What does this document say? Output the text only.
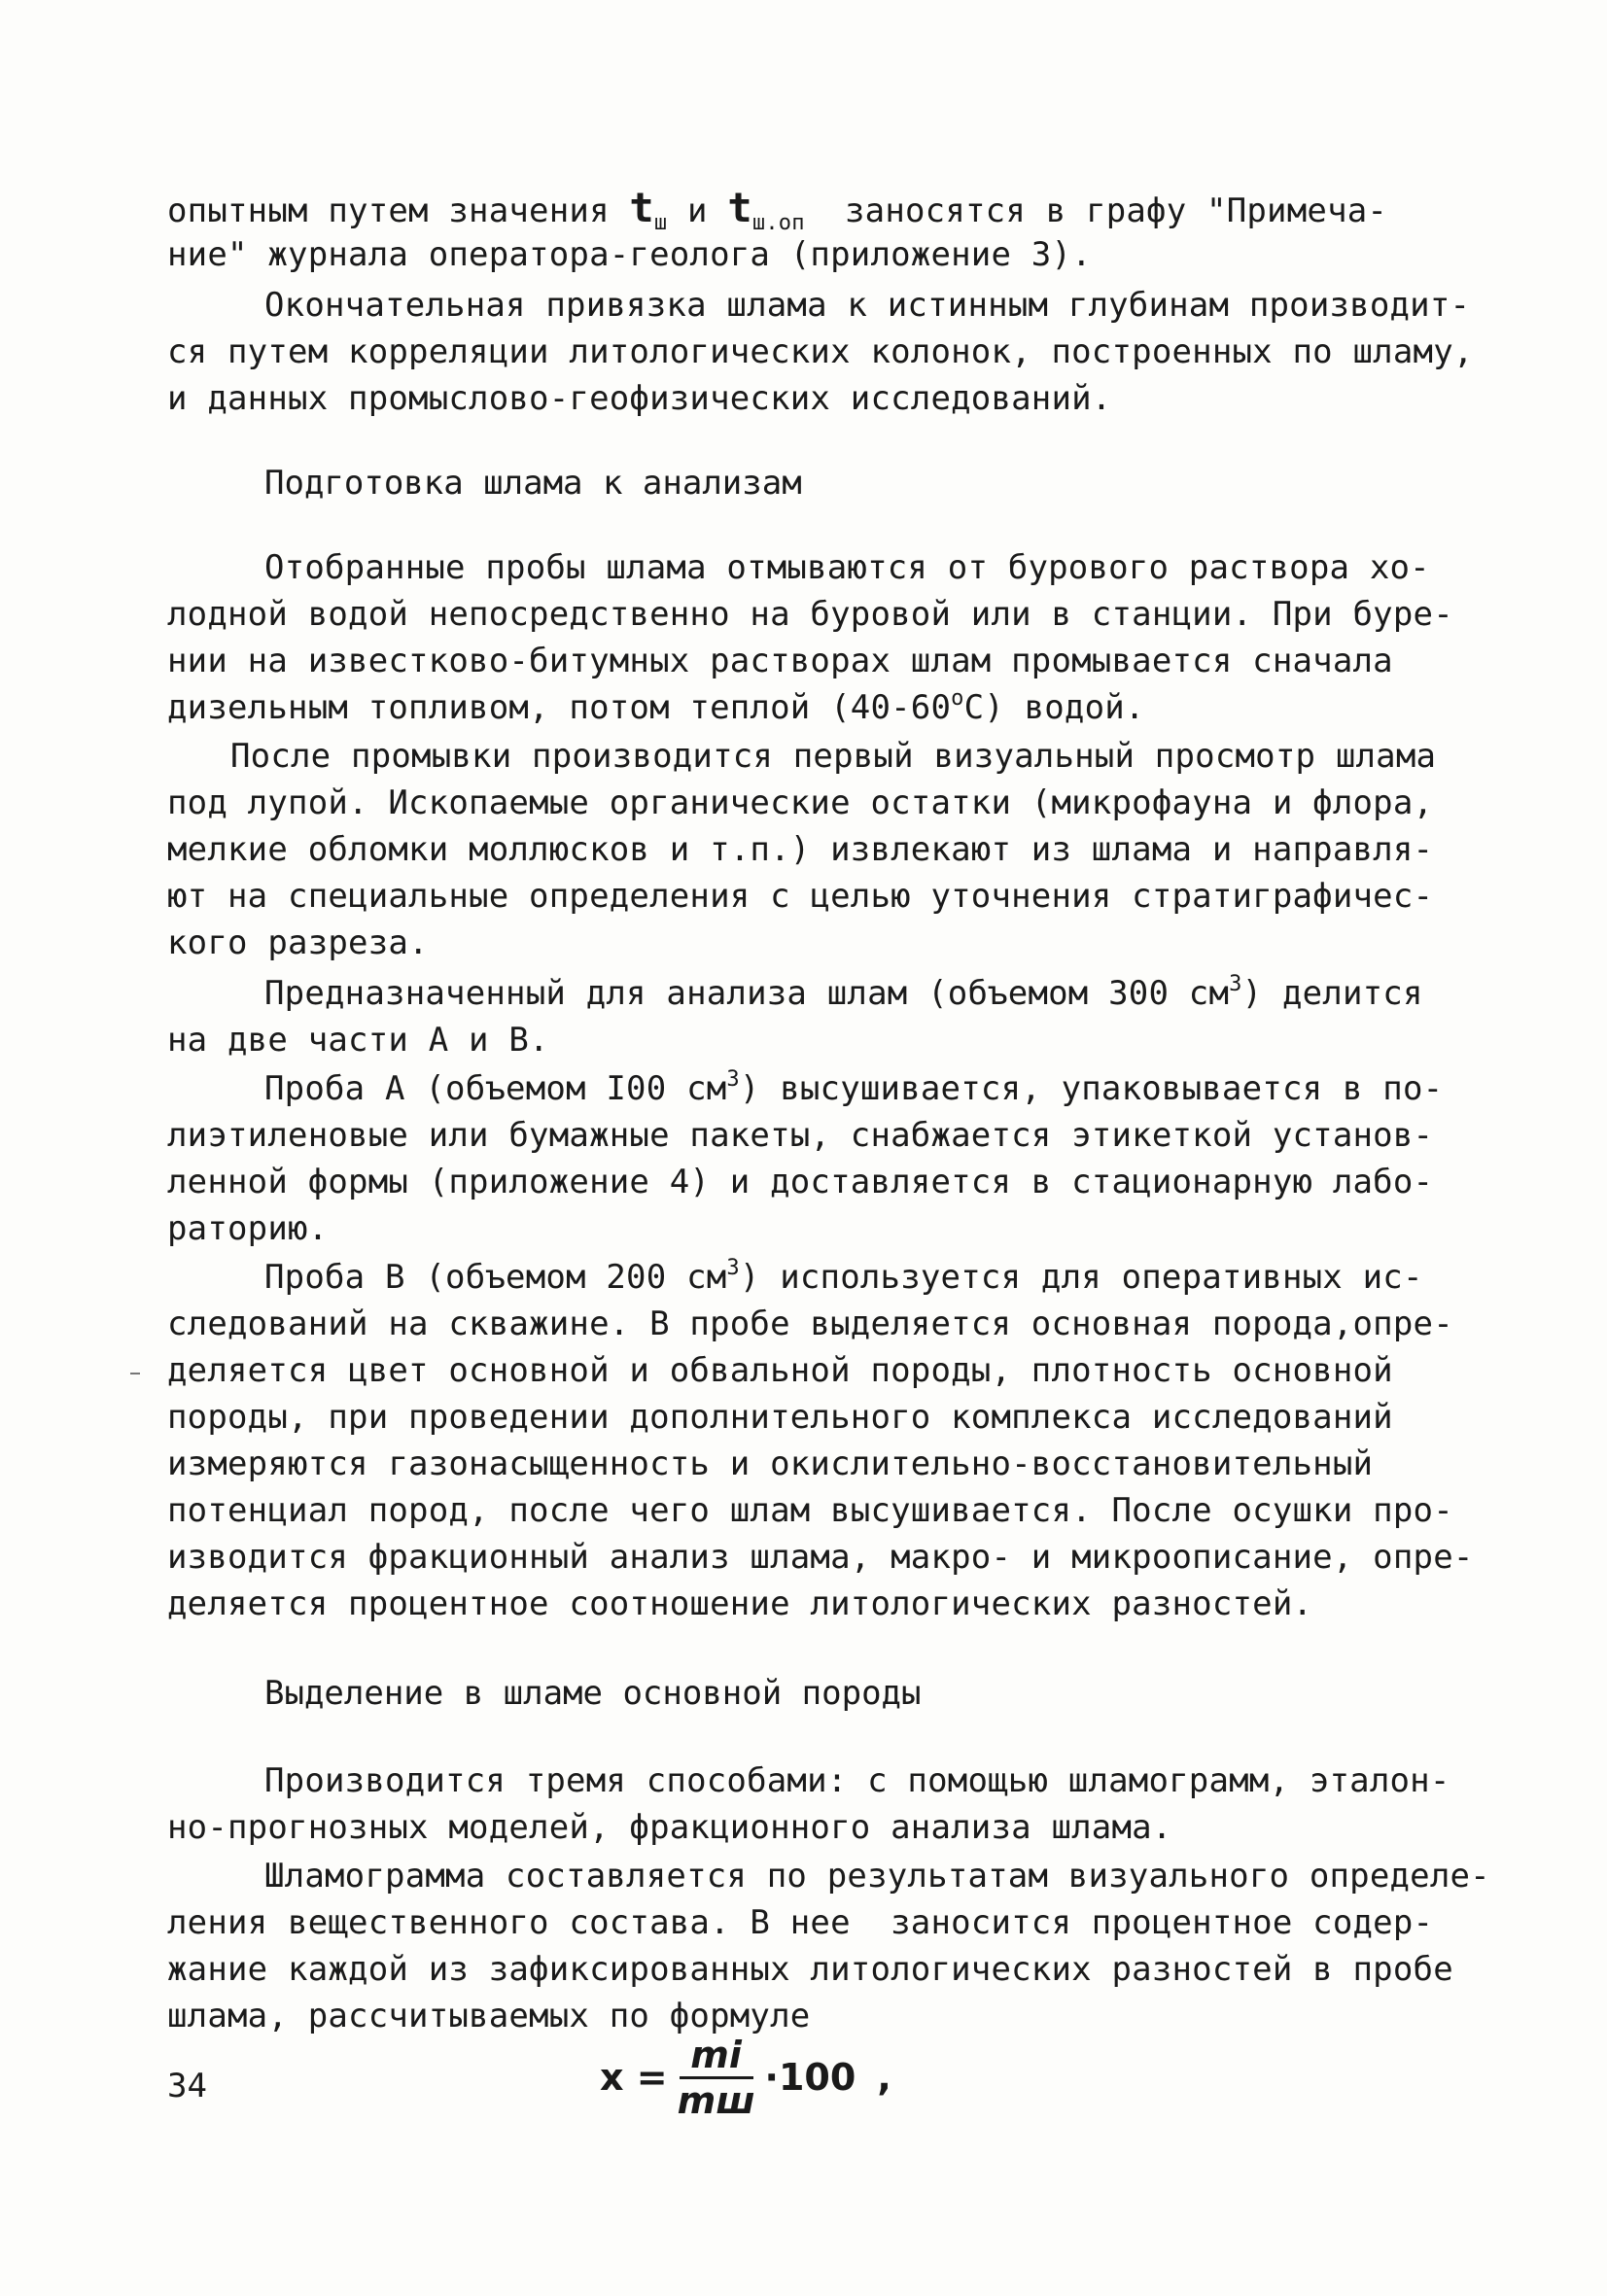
опытным путем значения $t_ш$ и $t_{ш.оп}$  заносятся в графу "Примеча-
ние" журнала оператора-геолога (приложение 3).
Окончательная привязка шлама к истинным глубинам производит-
ся путем корреляции литологических колонок, построенных по шламу,
и данных промыслово-геофизических исследований.
Подготовка шлама к анализам
Отобранные пробы шлама отмываются от бурового раствора хо-
лодной водой непосредственно на буровой или в станции. При буре-
нии на известково-битумных растворах шлам промывается сначала
дизельным топливом, потом теплой $(40-60^оС)$ водой.
После промывки производится первый визуальный просмотр шлама
под лупой. Ископаемые органические остатки (микрофауна и флора,
мелкие обломки моллюсков и т.п.) извлекают из шлама и направля-
ют на специальные определения с целью уточнения стратиграфичес-
кого разреза.
Предназначенный для анализа шлам (объемом 300 $см^3$) делится
на две части А и В.
Проба А (объемом I00 $см^3$) высушивается, упаковывается в по-
лиэтиленовые или бумажные пакеты, снабжается этикеткой установ-
ленной формы (приложение 4) и доставляется в стационарную лабо-
раторию.
Проба В (объемом 200 $см^3$) используется для оперативных ис-
следований на скважине. В пробе выделяется основная порода,опре-
деляется цвет основной и обвальной породы, плотность основной
породы, при проведении дополнительного комплекса исследований
измеряются газонасыщенность и окислительно-восстановительный
потенциал пород, после чего шлам высушивается. После осушки про-
изводится фракционный анализ шлама, макро- и микроописание, опре-
деляется процентное соотношение литологических разностей.
Выделение в шламе основной породы
Производится тремя способами: с помощью шламограмм, эталон-
но-прогнозных моделей, фракционного анализа шлама.
Шламограмма составляется по результатам визуального определе-
ления вещественного состава. В нее  заносится процентное содер-
жание каждой из зафиксированных литологических разностей в пробе
шлама, рассчитываемых по формуле
$x = \frac{mi}{mш} \cdot 100$ ,
34
